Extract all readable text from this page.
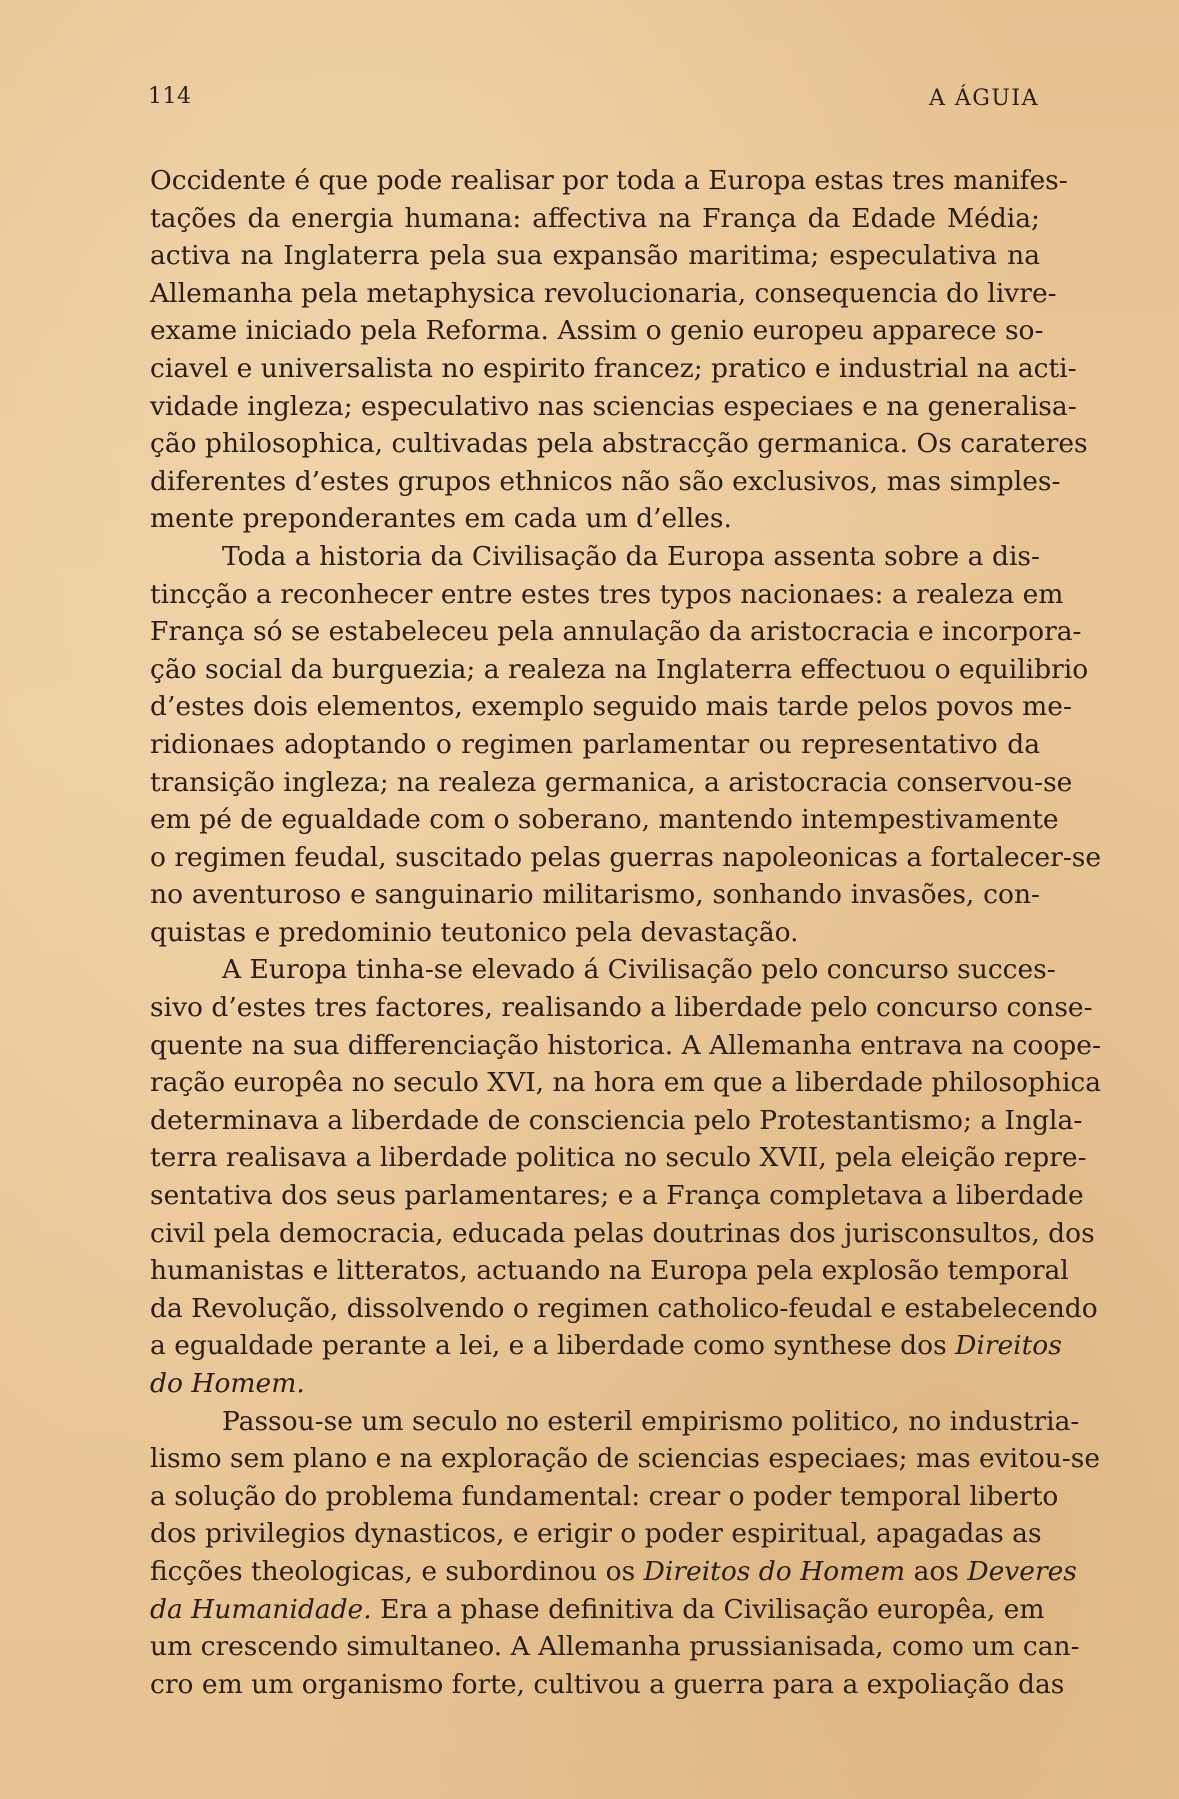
114	A ÁGUIA
Occidente é que pode realisar por toda a Europa estas tres manifes-
tações da energia humana: affectiva na França da Edade Média;
activa na Inglaterra pela sua expansão maritima; especulativa na
Allemanha pela metaphysica revolucionaria, consequencia do livre-
exame iniciado pela Reforma. Assim o genio europeu apparece so-
ciavel e universalista no espirito francez; pratico e industrial na acti-
vidade ingleza; especulativo nas sciencias especiaes e na generalisa-
ção philosophica, cultivadas pela abstracção germanica. Os carateres
diferentes d’estes grupos ethnicos não são exclusivos, mas simples-
mente preponderantes em cada um d’elles.
Toda a historia da Civilisação da Europa assenta sobre a dis-
tincção a reconhecer entre estes tres typos nacionaes: a realeza em
França só se estabeleceu pela annulação da aristocracia e incorpora-
ção social da burguezia; a realeza na Inglaterra effectuou o equilibrio
d’estes dois elementos, exemplo seguido mais tarde pelos povos me-
ridionaes adoptando o regimen parlamentar ou representativo da
transição ingleza; na realeza germanica, a aristocracia conservou-se
em pé de egualdade com o soberano, mantendo intempestivamente
o regimen feudal, suscitado pelas guerras napoleonicas a fortalecer-se
no aventuroso e sanguinario militarismo, sonhando invasões, con-
quistas e predominio teutonico pela devastação.
A Europa tinha-se elevado á Civilisação pelo concurso succes-
sivo d’estes tres factores, realisando a liberdade pelo concurso conse-
quente na sua differenciação historica. A Allemanha entrava na coope-
ração europêa no seculo XVI, na hora em que a liberdade philosophica
determinava a liberdade de consciencia pelo Protestantismo; a Ingla-
terra realisava a liberdade politica no seculo XVII, pela eleição repre-
sentativa dos seus parlamentares; e a França completava a liberdade
civil pela democracia, educada pelas doutrinas dos jurisconsultos, dos
humanistas e litteratos, actuando na Europa pela explosão temporal
da Revolução, dissolvendo o regimen catholico-feudal e estabelecendo
a egualdade perante a lei, e a liberdade como synthese dos Direitos
do Homem.
Passou-se um seculo no esteril empirismo politico, no industria-
lismo sem plano e na exploração de sciencias especiaes; mas evitou-se
a solução do problema fundamental: crear o poder temporal liberto
dos privilegios dynasticos, e erigir o poder espiritual, apagadas as
ficções theologicas, e subordinou os Direitos do Homem aos Deveres
da Humanidade. Era a phase definitiva da Civilisação europêa, em
um crescendo simultaneo. A Allemanha prussianisada, como um can-
cro em um organismo forte, cultivou a guerra para a expoliação das
